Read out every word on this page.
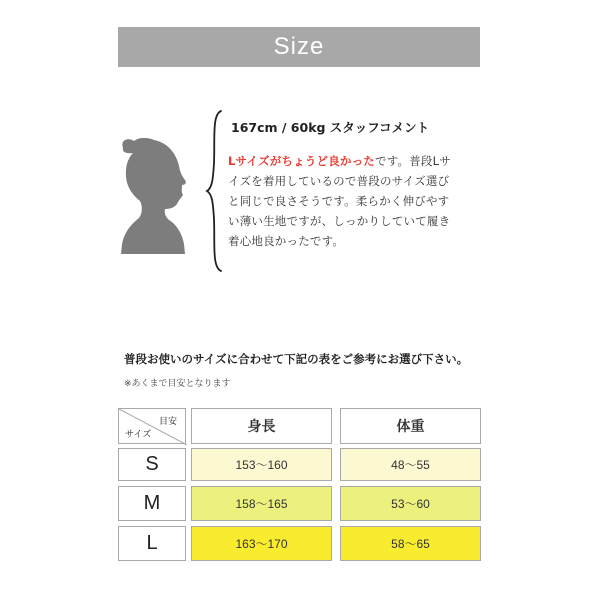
Size
167cm / 60kg スタッフコメント
Lサイズがちょうど良かったです。普段Lサイズを着用しているので普段のサイズ選びと同じで良さそうです。柔らかく伸びやすい薄い生地ですが、しっかりしていて履き着心地良かったです。
普段お使いのサイズに合わせて下記の表をご参考にお選び下さい。
※あくまで目安となります
目安
サイズ	身長	体重
S	153〜160	48〜55
M	158〜165	53〜60
L	163〜170	58〜65
